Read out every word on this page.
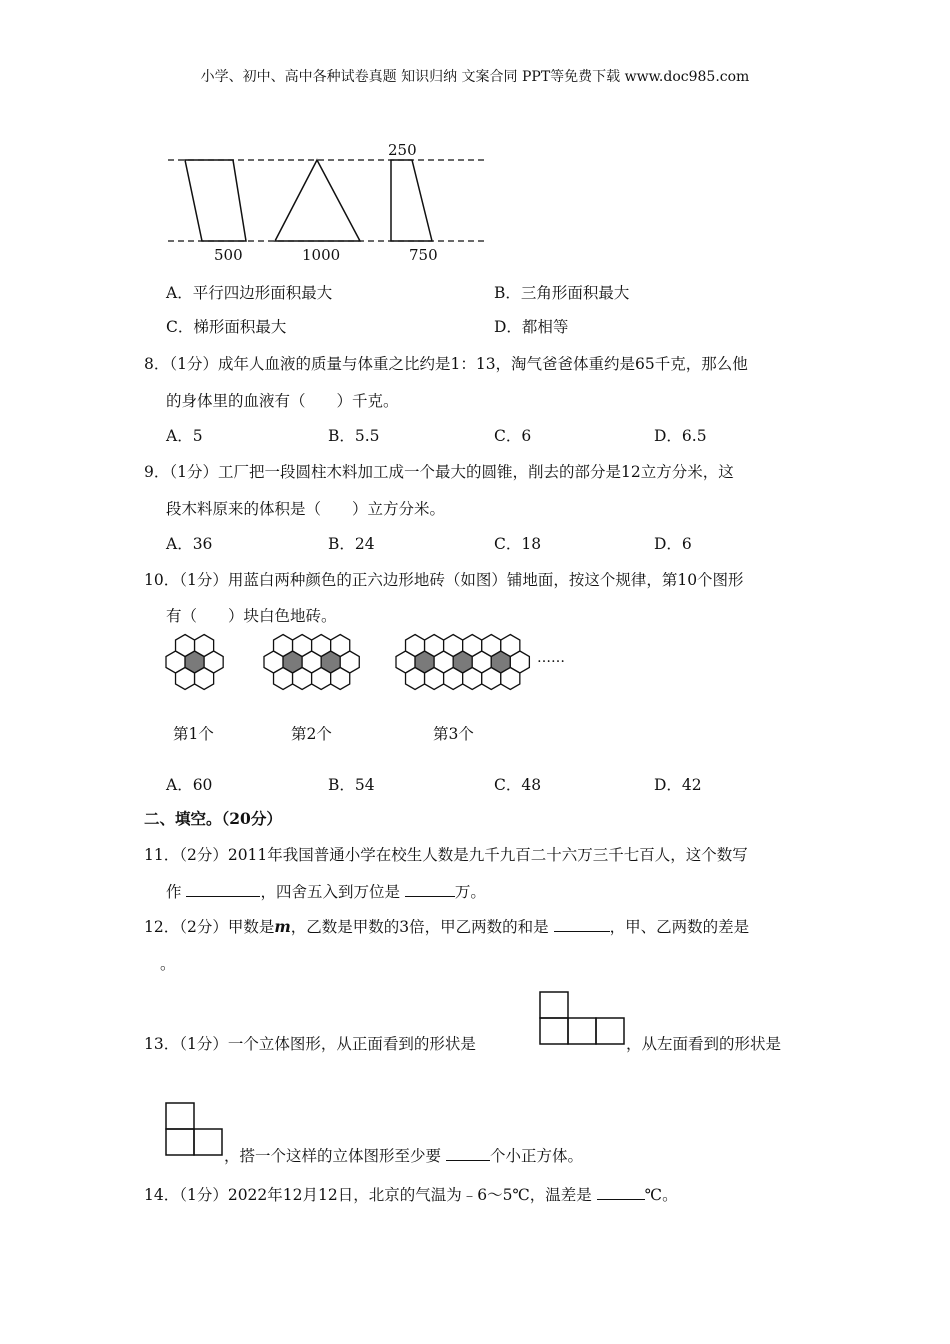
小学、初中、高中各种试卷真题 知识归纳 文案合同 PPT等免费下载 www.doc985.com
250
500	1000	750
A．平行四边形面积最大	B．三角形面积最大
C．梯形面积最大	D．都相等
8．（1分）成年人血液的质量与体重之比约是1：13，淘气爸爸体重约是65千克，那么他
的身体里的血液有（　　）千克。
A．5	B．5.5	C．6	D．6.5
9．（1分）工厂把一段圆柱木料加工成一个最大的圆锥，削去的部分是12立方分米，这
段木料原来的体积是（　　）立方分米。
A．36	B．24	C．18	D．6
10．（1分）用蓝白两种颜色的正六边形地砖（如图）铺地面，按这个规律，第10个图形
有（　　）块白色地砖。
……
第1个	第2个	第3个
A．60	B．54	C．48	D．42
二、填空。（20分）
11．（2分）2011年我国普通小学在校生人数是九千九百二十六万三千七百人，这个数写
作	，四舍五入到万位是	万。
12．（2分）甲数是m，乙数是甲数的3倍，甲乙两数的和是	，甲、乙两数的差是
。
13．（1分）一个立体图形，从正面看到的形状是	，从左面看到的形状是
，搭一个这样的立体图形至少要	个小正方体。
14．（1分）2022年12月12日，北京的气温为﹣6～5℃，温差是	℃。
